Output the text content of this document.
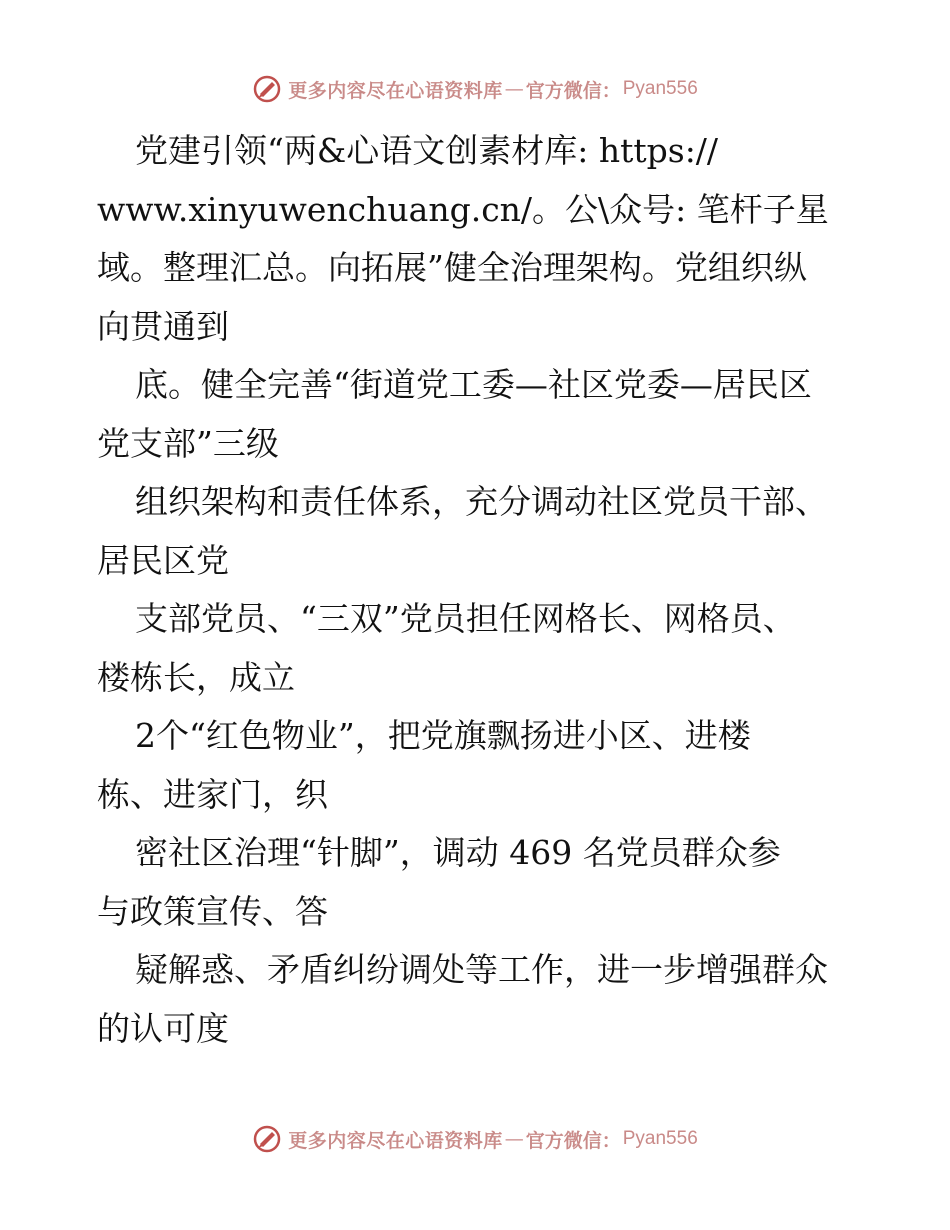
更多内容尽在心语资料库 — 官方微信： Pyan556
党建引领“两&心语文创素材库: https://
www.xinyuwenchuang.cn/。公\众号: 笔杆子星
域。整理汇总。向拓展”健全治理架构。党组织纵
向贯通到
底。健全完善“街道党工委—社区党委—居民区
党支部”三级
组织架构和责任体系，充分调动社区党员干部、
居民区党
支部党员、“三双”党员担任网格长、网格员、
楼栋长，成立
2个“红色物业”，把党旗飘扬进小区、进楼
栋、进家门，织
密社区治理“针脚”，调动 469 名党员群众参
与政策宣传、答
疑解惑、矛盾纠纷调处等工作，进一步增强群众
的认可度
更多内容尽在心语资料库 — 官方微信： Pyan556
